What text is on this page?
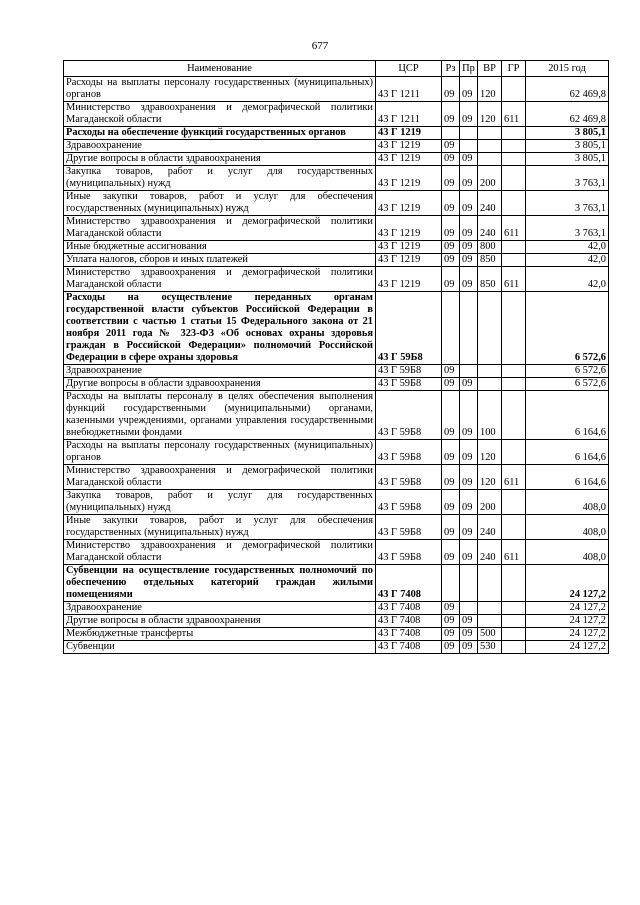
677
Наименование	ЦСР	Рз	Пр	ВР	ГР	2015 год
Расходы на выплаты персоналу государственных (муниципальных) органов	43 Г 1211	09	09	120		62 469,8
Министерство здравоохранения и демографической политики Магаданской области	43 Г 1211	09	09	120	611	62 469,8
Расходы на обеспечение функций государственных органов	43 Г 1219					3 805,1
Здравоохранение	43 Г 1219	09				3 805,1
Другие вопросы в области здравоохранения	43 Г 1219	09	09			3 805,1
Закупка товаров, работ и услуг для государственных (муниципальных) нужд	43 Г 1219	09	09	200		3 763,1
Иные закупки товаров, работ и услуг для обеспечения государственных (муниципальных) нужд	43 Г 1219	09	09	240		3 763,1
Министерство здравоохранения и демографической политики Магаданской области	43 Г 1219	09	09	240	611	3 763,1
Иные бюджетные ассигнования	43 Г 1219	09	09	800		42,0
Уплата налогов, сборов и иных платежей	43 Г 1219	09	09	850		42,0
Министерство здравоохранения и демографической политики Магаданской области	43 Г 1219	09	09	850	611	42,0
Расходы на осуществление переданных органам государственной власти субъектов Российской Федерации в соответствии с частью 1 статьи 15 Федерального закона от 21 ноября 2011 года № 323-ФЗ «Об основах охраны здоровья граждан в Российской Федерации» полномочий Российской Федерации в сфере охраны здоровья	43 Г 59Б8					6 572,6
Здравоохранение	43 Г 59Б8	09				6 572,6
Другие вопросы в области здравоохранения	43 Г 59Б8	09	09			6 572,6
Расходы на выплаты персоналу в целях обеспечения выполнения функций государственными (муниципальными) органами, казенными учреждениями, органами управления государственными внебюджетными фондами	43 Г 59Б8	09	09	100		6 164,6
Расходы на выплаты персоналу государственных (муниципальных) органов	43 Г 59Б8	09	09	120		6 164,6
Министерство здравоохранения и демографической политики Магаданской области	43 Г 59Б8	09	09	120	611	6 164,6
Закупка товаров, работ и услуг для государственных (муниципальных) нужд	43 Г 59Б8	09	09	200		408,0
Иные закупки товаров, работ и услуг для обеспечения государственных (муниципальных) нужд	43 Г 59Б8	09	09	240		408,0
Министерство здравоохранения и демографической политики Магаданской области	43 Г 59Б8	09	09	240	611	408,0
Субвенции на осуществление государственных полномочий по обеспечению отдельных категорий граждан жилыми помещениями	43 Г 7408					24 127,2
Здравоохранение	43 Г 7408	09				24 127,2
Другие вопросы в области здравоохранения	43 Г 7408	09	09			24 127,2
Межбюджетные трансферты	43 Г 7408	09	09	500		24 127,2
Субвенции	43 Г 7408	09	09	530		24 127,2
